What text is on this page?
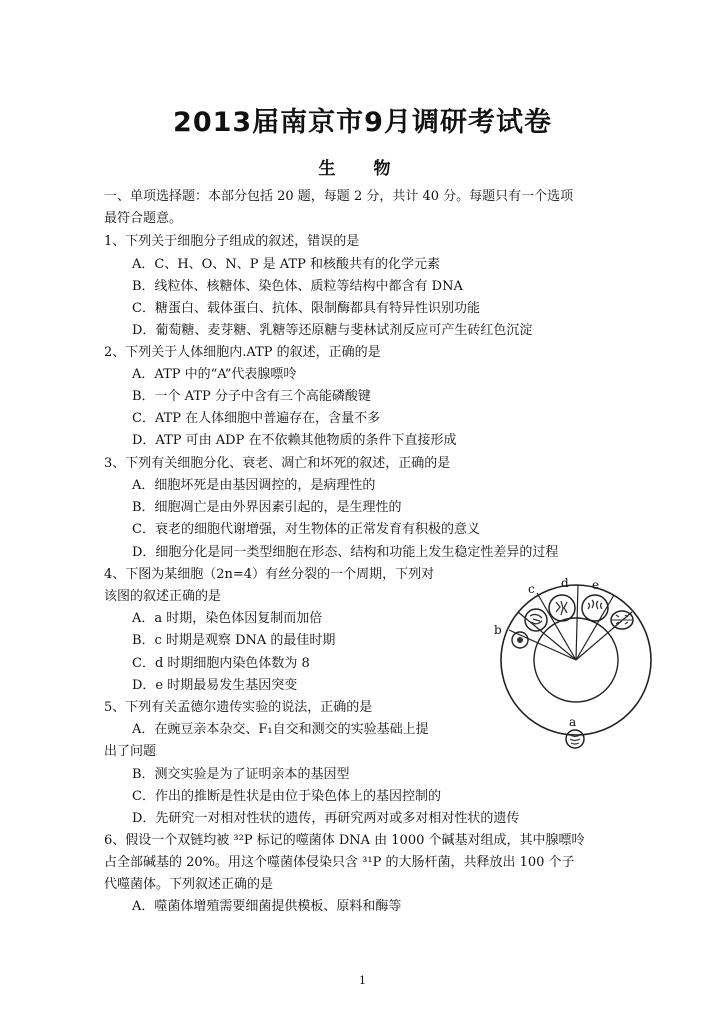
2013届南京市9月调研考试卷
生 物
一、单项选择题：本部分包括 20 题，每题 2 分，共计 40 分。每题只有一个选项
最符合题意。
1、下列关于细胞分子组成的叙述，错误的是
A．C、H、O、N、P 是 ATP 和核酸共有的化学元素
B．线粒体、核糖体、染色体、质粒等结构中都含有 DNA
C．糖蛋白、载体蛋白、抗体、限制酶都具有特异性识别功能
D．葡萄糖、麦芽糖、乳糖等还原糖与斐林试剂反应可产生砖红色沉淀
2、下列关于人体细胞内.ATP 的叙述，正确的是
A．ATP 中的“A”代表腺嘌呤
B．一个 ATP 分子中含有三个高能磷酸键
C．ATP 在人体细胞中普遍存在，含量不多
D．ATP 可由 ADP 在不依赖其他物质的条件下直接形成
3、下列有关细胞分化、衰老、凋亡和坏死的叙述，正确的是
A．细胞坏死是由基因调控的，是病理性的
B．细胞凋亡是由外界因素引起的，是生理性的
C．衰老的细胞代谢增强，对生物体的正常发育有积极的意义
D．细胞分化是同一类型细胞在形态、结构和功能上发生稳定性差异的过程
4、下图为某细胞（2n=4）有丝分裂的一个周期，下列对
该图的叙述正确的是
A．a 时期，染色体因复制而加倍
B．c 时期是观察 DNA 的最佳时期
C．d 时期细胞内染色体数为 8
D．e 时期最易发生基因突变
5、下列有关孟德尔遗传实验的说法，正确的是
A．在豌豆亲本杂交、F₁自交和测交的实验基础上提
出了问题
B．测交实验是为了证明亲本的基因型
C．作出的推断是性状是由位于染色体上的基因控制的
D．先研究一对相对性状的遗传，再研究两对或多对相对性状的遗传
6、假设一个双链均被 ³²P 标记的噬菌体 DNA 由 1000 个碱基对组成，其中腺嘌呤
占全部碱基的 20%。用这个噬菌体侵染只含 ³¹P 的大肠杆菌，共释放出 100 个子
代噬菌体。下列叙述正确的是
A．噬菌体增殖需要细菌提供模板、原料和酶等
b
c d e
a
1
